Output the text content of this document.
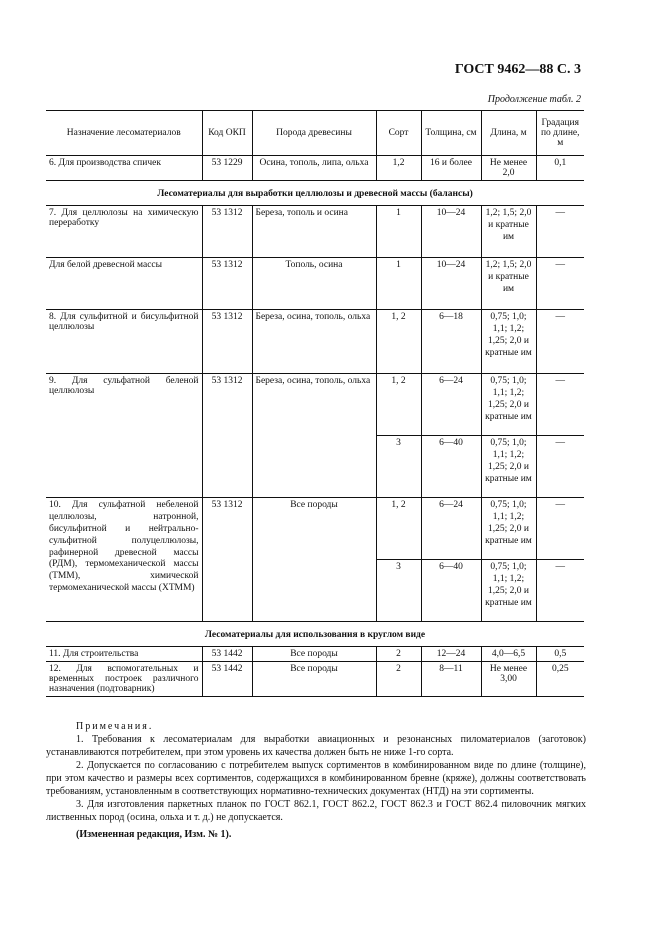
ГОСТ 9462—88 С. 3
Продолжение табл. 2
Назначение лесоматериалов	Код ОКП	Порода древесины	Сорт	Толщина, см	Длина, м	Градация по длине, м
6. Для производства спичек	53 1229	Осина, тополь, липа, ольха	1,2	16 и более	Не менее 2,0	0,1
Лесоматериалы для выработки целлюлозы и древесной массы (балансы)						
7. Для целлюлозы на химическую переработку	53 1312	Береза, тополь и осина	1	10—24	1,2; 1,5; 2,0 и кратные им	—
Для белой древесной массы	53 1312	Тополь, осина	1	10—24	1,2; 1,5; 2,0 и кратные им	—
8. Для сульфитной и бисульфитной целлюлозы	53 1312	Береза, осина, тополь, ольха	1, 2	6—18	0,75; 1,0; 1,1; 1,2; 1,25; 2,0 и кратные им	—
9. Для сульфатной беленой целлюлозы	53 1312	Береза, осина, тополь, ольха	1, 2	6—24	0,75; 1,0; 1,1; 1,2; 1,25; 2,0 и кратные им	—
			3	6—40	0,75; 1,0; 1,1; 1,2; 1,25; 2,0 и кратные им	—
10. Для сульфатной небеленой целлюлозы, натронной, бисульфитной и нейтрально-сульфитной полуцеллюлозы, рафинерной древесной массы (РДМ), термомеханической массы (ТММ), химической термомеханической массы (ХТММ)	53 1312	Все породы	1, 2	6—24	0,75; 1,0; 1,1; 1,2; 1,25; 2,0 и кратные им	—
			3	6—40	0,75; 1,0; 1,1; 1,2; 1,25; 2,0 и кратные им	—
Лесоматериалы для использования в круглом виде						
11. Для строительства	53 1442	Все породы	2	12—24	4,0—6,5	0,5
12. Для вспомогательных и временных построек различного назначения (подтоварник)	53 1442	Все породы	2	8—11	Не менее 3,00	0,25

Примечания.

1. Требования к лесоматериалам для выработки авиационных и резонансных пиломатериалов (заготовок) устанавливаются потребителем, при этом уровень их качества должен быть не ниже 1-го сорта.

2. Допускается по согласованию с потребителем выпуск сортиментов в комбинированном виде по длине (толщине), при этом качество и размеры всех сортиментов, содержащихся в комбинированном бревне (кряже), должны соответствовать требованиям, установленным в соответствующих нормативно-технических документах (НТД) на эти сортименты.

3. Для изготовления паркетных планок по ГОСТ 862.1, ГОСТ 862.2, ГОСТ 862.3 и ГОСТ 862.4 пиловочник мягких лиственных пород (осина, ольха и т. д.) не допускается.

(Измененная редакция, Изм. № 1).
